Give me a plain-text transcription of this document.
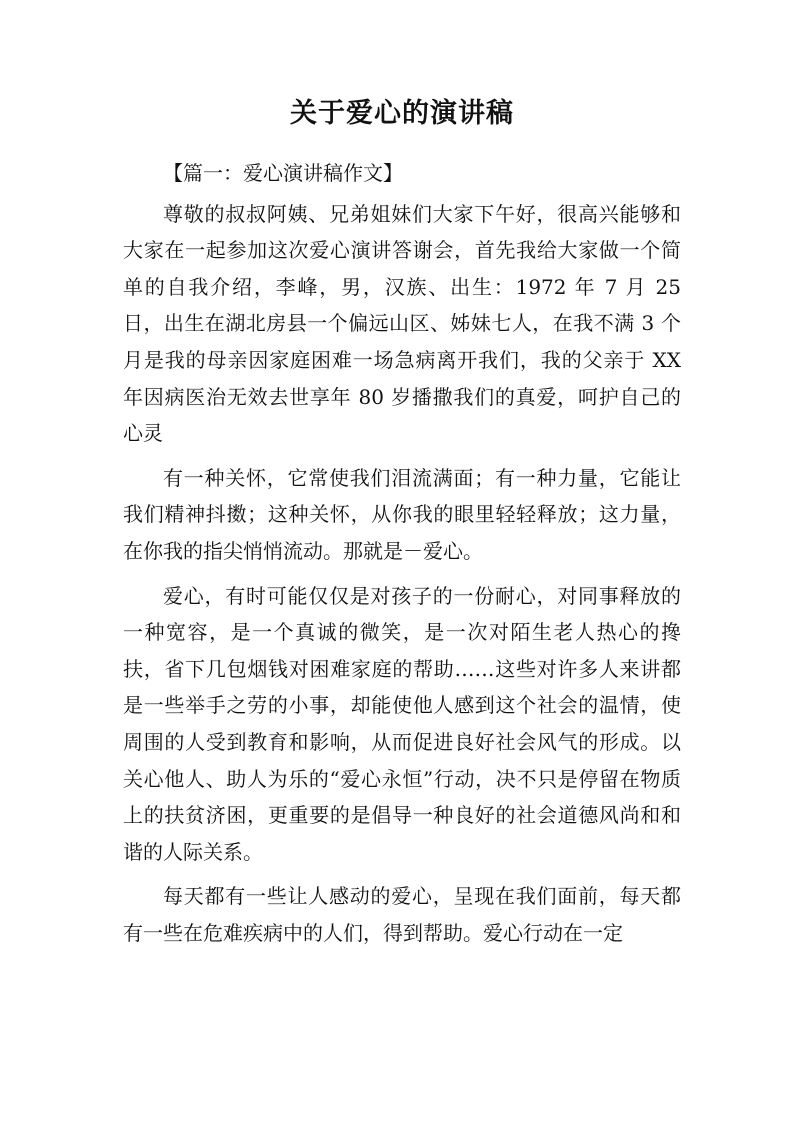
关于爱心的演讲稿

【篇一：爱心演讲稿作文】

尊敬的叔叔阿姨、兄弟姐妹们大家下午好，很高兴能够和大家在一起参加这次爱心演讲答谢会，首先我给大家做一个简单的自我介绍，李峰，男，汉族、出生：1972 年 7 月 25 日，出生在湖北房县一个偏远山区、姊妹七人，在我不满 3 个月是我的母亲因家庭困难一场急病离开我们，我的父亲于 XX 年因病医治无效去世享年 80 岁播撒我们的真爱，呵护自己的心灵

有一种关怀，它常使我们泪流满面；有一种力量，它能让我们精神抖擞；这种关怀，从你我的眼里轻轻释放；这力量，在你我的指尖悄悄流动。那就是－爱心。

爱心，有时可能仅仅是对孩子的一份耐心，对同事释放的一种宽容，是一个真诚的微笑，是一次对陌生老人热心的搀扶，省下几包烟钱对困难家庭的帮助……这些对许多人来讲都是一些举手之劳的小事，却能使他人感到这个社会的温情，使周围的人受到教育和影响，从而促进良好社会风气的形成。以关心他人、助人为乐的“爱心永恒”行动，决不只是停留在物质上的扶贫济困，更重要的是倡导一种良好的社会道德风尚和和谐的人际关系。

每天都有一些让人感动的爱心，呈现在我们面前，每天都有一些在危难疾病中的人们，得到帮助。爱心行动在一定
